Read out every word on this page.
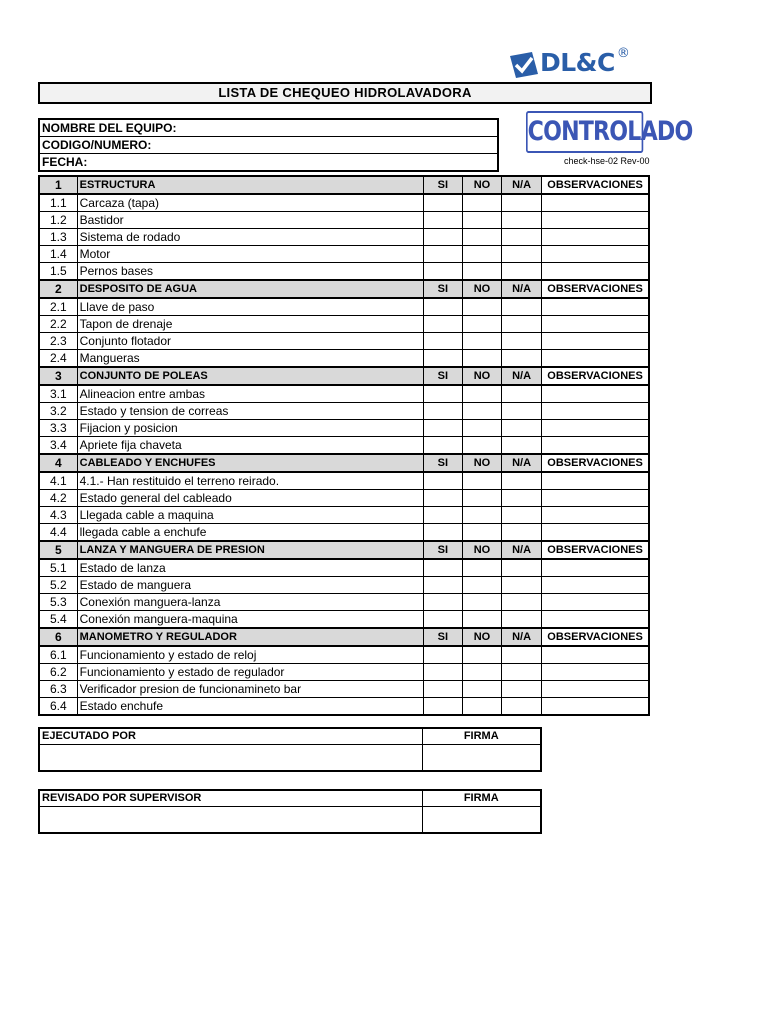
DL&C ®
LISTA DE CHEQUEO HIDROLAVADORA
NOMBRE DEL EQUIPO:
CODIGO/NUMERO:
FECHA:
CONTROLADO
check-hse-02 Rev-00
1	ESTRUCTURA	SI	NO	N/A	OBSERVACIONES
1.1	Carcaza (tapa)				
1.2	Bastidor				
1.3	Sistema de rodado				
1.4	Motor				
1.5	Pernos bases				
2	DESPOSITO DE AGUA	SI	NO	N/A	OBSERVACIONES
2.1	Llave de paso				
2.2	Tapon de drenaje				
2.3	Conjunto flotador				
2.4	Mangueras				
3	CONJUNTO DE POLEAS	SI	NO	N/A	OBSERVACIONES
3.1	Alineacion entre ambas				
3.2	Estado y tension de correas				
3.3	Fijacion y posicion				
3.4	Apriete fija chaveta				
4	CABLEADO Y ENCHUFES	SI	NO	N/A	OBSERVACIONES
4.1	4.1.- Han restituido el terreno reirado.				
4.2	Estado general del cableado				
4.3	Llegada cable a maquina				
4.4	llegada cable a enchufe				
5	LANZA Y MANGUERA DE PRESION	SI	NO	N/A	OBSERVACIONES
5.1	Estado de lanza				
5.2	Estado de manguera				
5.3	Conexión manguera-lanza				
5.4	Conexión manguera-maquina				
6	MANOMETRO Y REGULADOR	SI	NO	N/A	OBSERVACIONES
6.1	Funcionamiento y estado de reloj				
6.2	Funcionamiento y estado de regulador				
6.3	Verificador presion de funcionamineto bar				
6.4	Estado enchufe				
EJECUTADO POR	FIRMA

REVISADO POR SUPERVISOR	FIRMA
